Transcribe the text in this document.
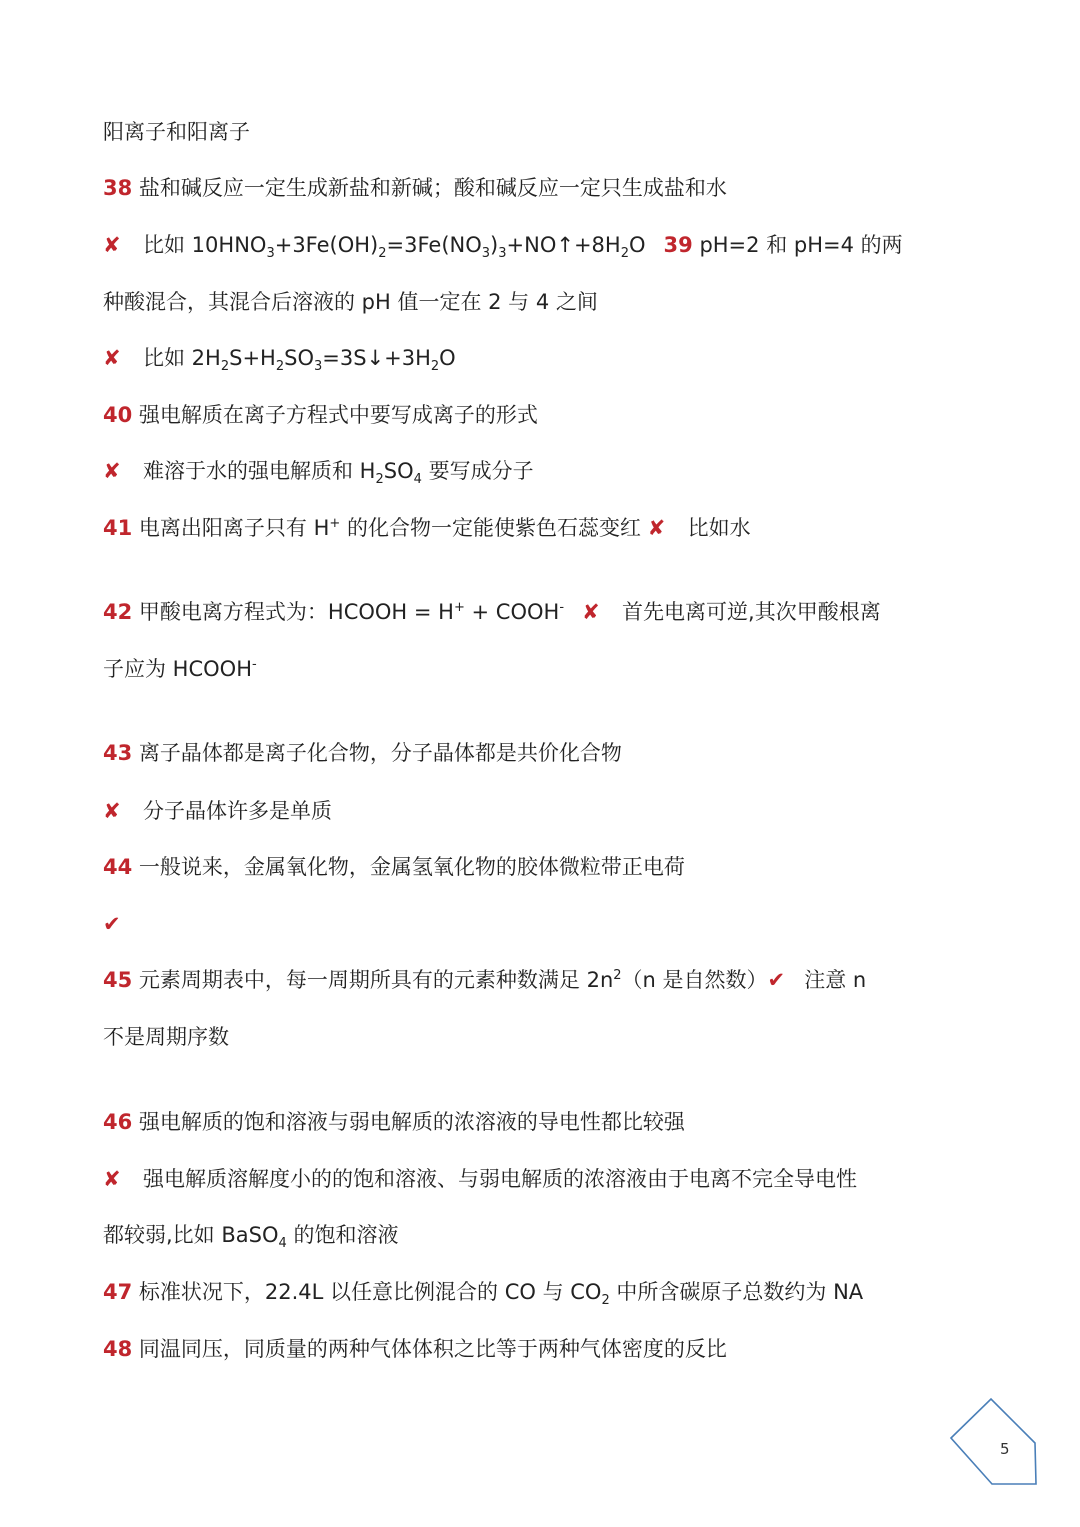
阳离子和阳离子
38 盐和碱反应一定生成新盐和新碱；酸和碱反应一定只生成盐和水
✘ 比如 $10HNO_3+3Fe(OH)_2=3Fe(NO_3)_3+NO↑+8H_2O$ 39 pH=2 和 pH=4 的两
种酸混合，其混合后溶液的 pH 值一定在 2 与 4 之间
✘ 比如 $2H_2S+H_2SO_3=3S↓+3H_2O$
40 强电解质在离子方程式中要写成离子的形式
✘ 难溶于水的强电解质和 $H_2SO_4$ 要写成分子
41 电离出阳离子只有 H+ 的化合物一定能使紫色石蕊变红 ✘ 比如水
42 甲酸电离方程式为：HCOOH = H+ + COOH- ✘ 首先电离可逆,其次甲酸根离
子应为 HCOOH-
43 离子晶体都是离子化合物，分子晶体都是共价化合物
✘ 分子晶体许多是单质
44 一般说来，金属氧化物，金属氢氧化物的胶体微粒带正电荷
✔
45 元素周期表中，每一周期所具有的元素种数满足 $2n^2(n$ 是自然数）✔ 注意 n
不是周期序数
46 强电解质的饱和溶液与弱电解质的浓溶液的导电性都比较强
✘ 强电解质溶解度小的的饱和溶液、与弱电解质的浓溶液由于电离不完全导电性
都较弱,比如 BaSO$_4$ 的饱和溶液
47 标准状况下，22.4L 以任意比例混合的 CO 与 $CO_2$ 中所含碳原子总数约为 NA
48 同温同压，同质量的两种气体体积之比等于两种气体密度的反比
5
